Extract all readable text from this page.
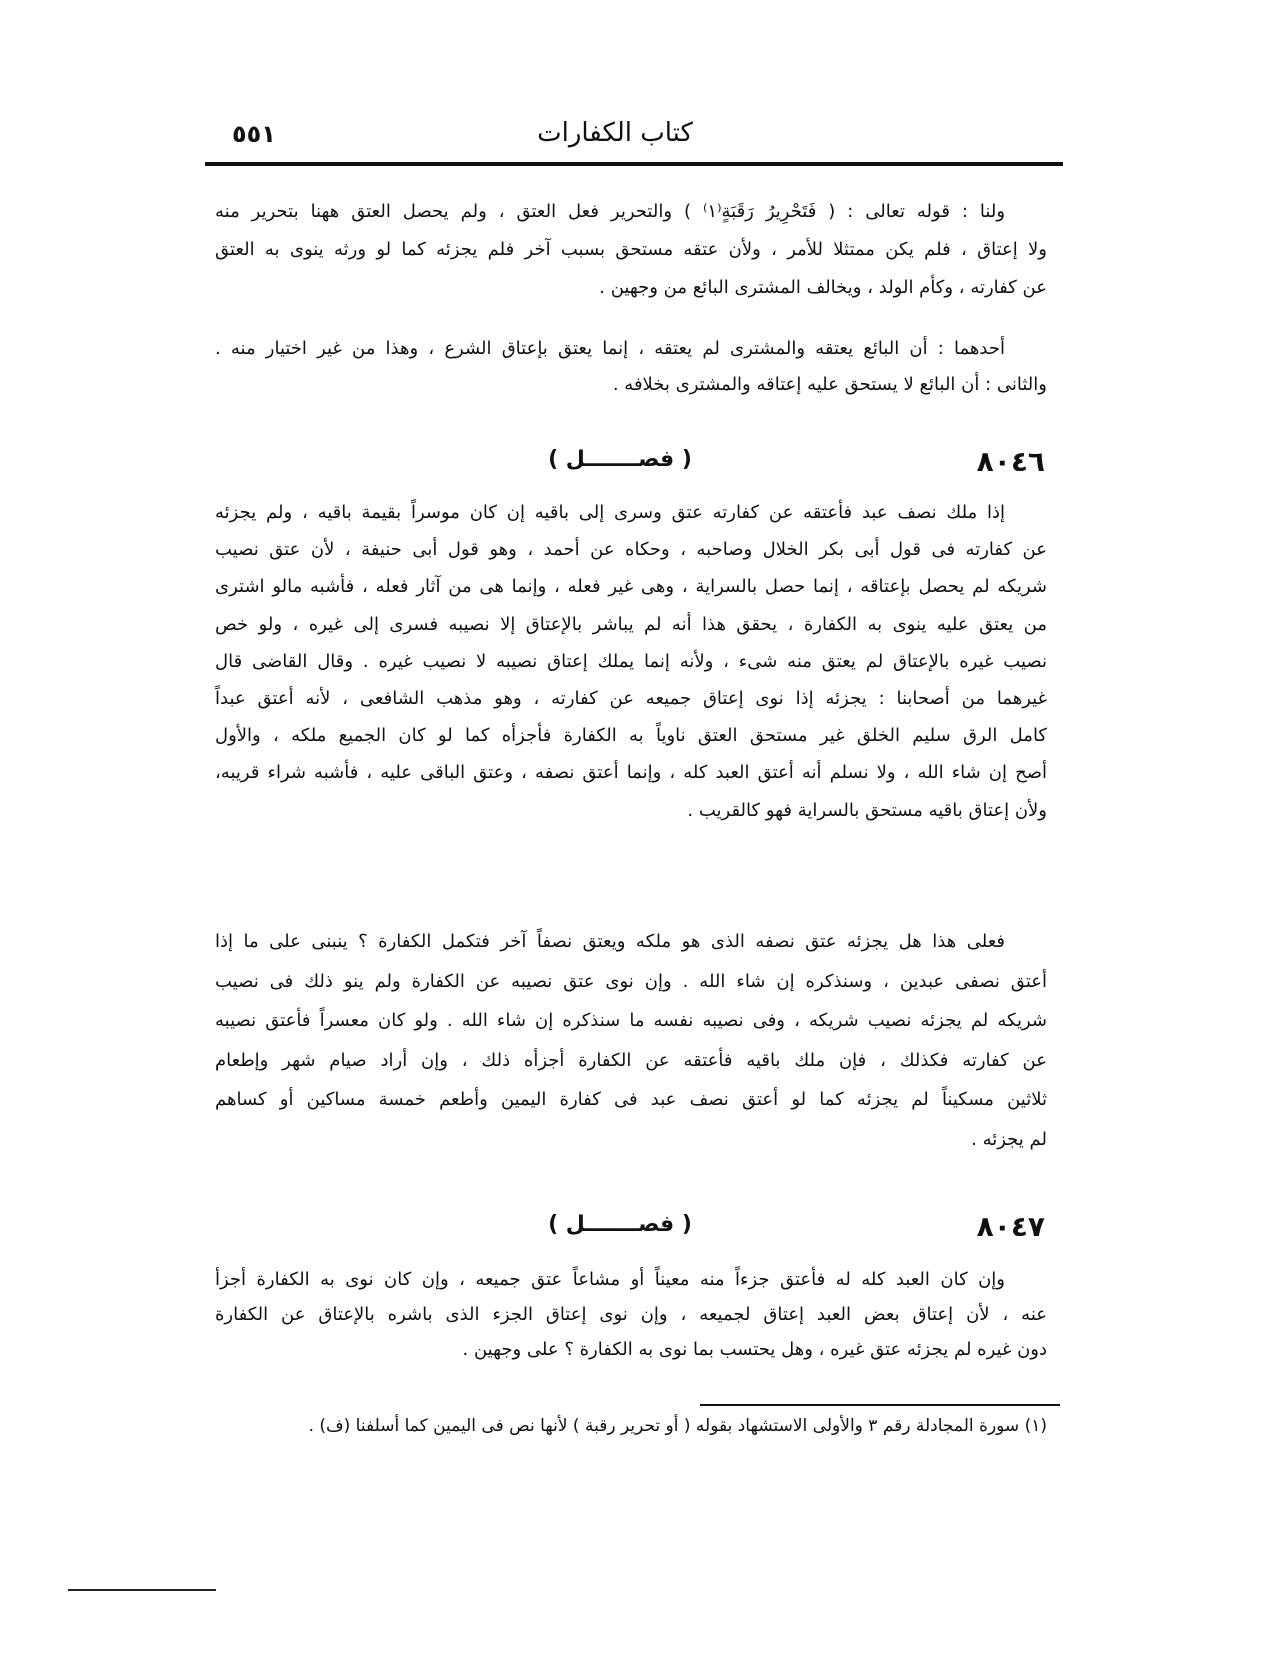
٥٥١	كتاب الكفارات
ولنا : قوله تعالى : ( فَتَحْرِيرُ رَقَبَةٍ⁽١⁾ ) والتحرير فعل العتق ، ولم يحصل العتق ههنا بتحرير منه
ولا إعتاق ، فلم يكن ممتثلا للأمر ، ولأن عتقه مستحق بسبب آخر فلم يجزئه كما لو ورثه ينوى به العتق
عن كفارته ، وكأم الولد ، ويخالف المشترى البائع من وجهين .
أحدهما : أن البائع يعتقه والمشترى لم يعتقه ، إنما يعتق بإعتاق الشرع ، وهذا من غير اختيار منه .
والثانى : أن البائع لا يستحق عليه إعتاقه والمشترى بخلافه .
٨٠٤٦
( فصـــــــل )
إذا ملك نصف عبد فأعتقه عن كفارته عتق وسرى إلى باقيه إن كان موسراً بقيمة باقيه ، ولم يجزئه
عن كفارته فى قول أبى بكر الخلال وصاحبه ، وحكاه عن أحمد ، وهو قول أبى حنيفة ، لأن عتق نصيب
شريكه لم يحصل بإعتاقه ، إنما حصل بالسراية ، وهى غير فعله ، وإنما هى من آثار فعله ، فأشبه مالو اشترى
من يعتق عليه ينوى به الكفارة ، يحقق هذا أنه لم يباشر بالإعتاق إلا نصيبه فسرى إلى غيره ، ولو خص
نصيب غيره بالإعتاق لم يعتق منه شىء ، ولأنه إنما يملك إعتاق نصيبه لا نصيب غيره . وقال القاضى قال
غيرهما من أصحابنا : يجزئه إذا نوى إعتاق جميعه عن كفارته ، وهو مذهب الشافعى ، لأنه أعتق عبداً
كامل الرق سليم الخلق غير مستحق العتق ناوياً به الكفارة فأجزأه كما لو كان الجميع ملكه ، والأول
أصح إن شاء الله ، ولا نسلم أنه أعتق العبد كله ، وإنما أعتق نصفه ، وعتق الباقى عليه ، فأشبه شراء قريبه،
ولأن إعتاق باقيه مستحق بالسراية فهو كالقريب .
فعلى هذا هل يجزئه عتق نصفه الذى هو ملكه ويعتق نصفاً آخر فتكمل الكفارة ؟ ينبنى على ما إذا
أعتق نصفى عبدين ، وسنذكره إن شاء الله . وإن نوى عتق نصيبه عن الكفارة ولم ينو ذلك فى نصيب
شريكه لم يجزئه نصيب شريكه ، وفى نصيبه نفسه ما سنذكره إن شاء الله . ولو كان معسراً فأعتق نصيبه
عن كفارته فكذلك ، فإن ملك باقيه فأعتقه عن الكفارة أجزأه ذلك ، وإن أراد صيام شهر وإطعام
ثلاثين مسكيناً لم يجزئه كما لو أعتق نصف عبد فى كفارة اليمين وأطعم خمسة مساكين أو كساهم
لم يجزئه .
٨٠٤٧
( فصـــــــل )
وإن كان العبد كله له فأعتق جزءاً منه معيناً أو مشاعاً عتق جميعه ، وإن كان نوى به الكفارة أجزأ
عنه ، لأن إعتاق بعض العبد إعتاق لجميعه ، وإن نوى إعتاق الجزء الذى باشره بالإعتاق عن الكفارة
دون غيره لم يجزئه عتق غيره ، وهل يحتسب بما نوى به الكفارة ؟ على وجهين .
(١) سورة المجادلة رقم ٣ والأولى الاستشهاد بقوله ( أو تحرير رقبة ) لأنها نص فى اليمين كما أسلفنا (ف) .
